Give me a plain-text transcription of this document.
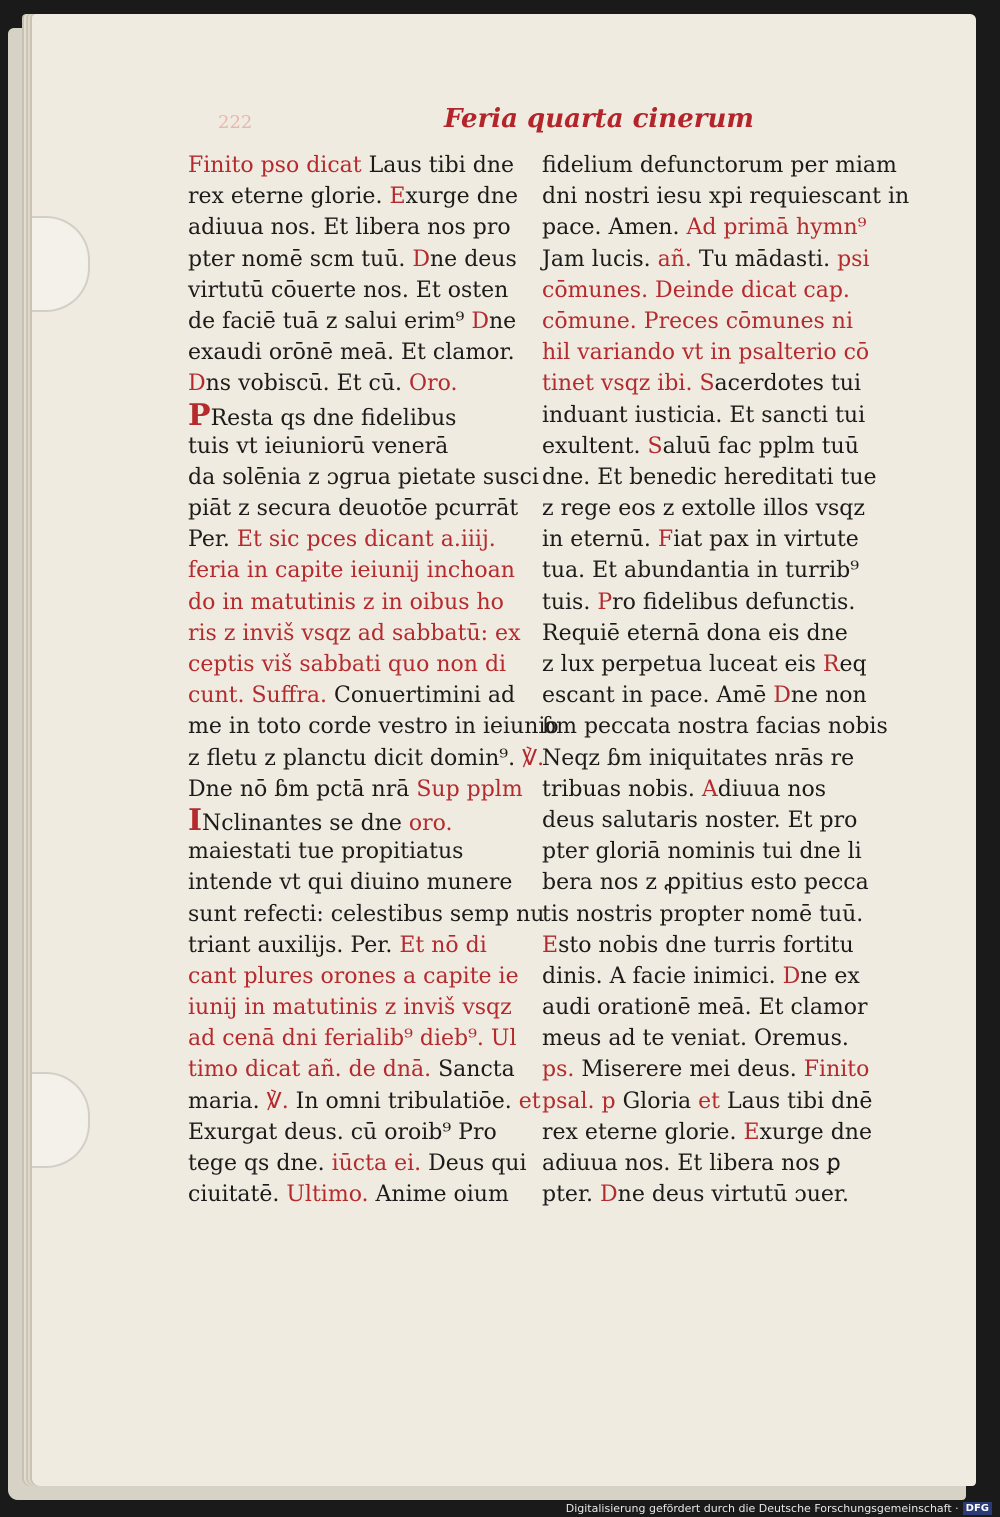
222	Feria quarta cinerum
Finito pso dicat Laus tibi dne
rex eterne glorie. Exurge dne
adiuua nos. Et libera nos pro
pter nomē scm tuū. Dne deus
virtutū cōuerte nos. Et osten
de faciē tuā z salui erim⁹ Dne
exaudi orōnē meā. Et clamor.
Dns vobiscū. Et cū. Oro.
PResta qs dne fidelibus
tuis vt ieiuniorū venerā
da solēnia z ɔgrua pietate susci
piāt z secura deuotōe pcurrāt
Per. Et sic pces dicant a.iiij.
feria in capite ieiunij inchoan
do in matutinis z in oibus ho
ris z inviš vsqz ad sabbatū: ex
ceptis viš sabbati quo non di
cunt. Suffra. Conuertimini ad
me in toto corde vestro in ieiunio
z fletu z planctu dicit domin⁹. ℣.
Dne nō ɓm pctā nrā Sup pplm
INclinantes se dne oro.
maiestati tue propitiatus
intende vt qui diuino munere
sunt refecti: celestibus semp nu
triant auxilijs. Per. Et nō di
cant plures orones a capite ie
iunij in matutinis z inviš vsqz
ad cenā dni ferialib⁹ dieb⁹. Ul
timo dicat añ. de dnā. Sancta
maria. ℣. In omni tribulatiōe. et
Exurgat deus. cū oroib⁹ Pro
tege qs dne. iūcta ei. Deus qui
ciuitatē. Ultimo. Anime oium
fidelium defunctorum per miam
dni nostri iesu xpi requiescant in
pace. Amen. Ad primā hymn⁹
Jam lucis. añ. Tu mādasti. psi
cōmunes. Deinde dicat cap.
cōmune. Preces cōmunes ni
hil variando vt in psalterio cō
tinet vsqz ibi. Sacerdotes tui
induant iusticia. Et sancti tui
exultent. Saluū fac pplm tuū
dne. Et benedic hereditati tue
z rege eos z extolle illos vsqz
in eternū. Fiat pax in virtute
tua. Et abundantia in turrib⁹
tuis. Pro fidelibus defunctis.
Requiē eternā dona eis dne
z lux perpetua luceat eis Req
escant in pace. Amē Dne non
ɓm peccata nostra facias nobis
Neqz ɓm iniquitates nrās re
tribuas nobis. Adiuua nos
deus salutaris noster. Et pro
pter gloriā nominis tui dne li
bera nos z ꝓpitius esto pecca
tis nostris propter nomē tuū.
Esto nobis dne turris fortitu
dinis. A facie inimici. Dne ex
audi orationē meā. Et clamor
meus ad te veniat. Oremus.
ps. Miserere mei deus. Finito
psal. p Gloria et Laus tibi dnē
rex eterne glorie. Exurge dne
adiuua nos. Et libera nos ꝑ
pter. Dne deus virtutū ɔuer.
Digitalisierung gefördert durch die Deutsche Forschungsgemeinschaft · DFG
